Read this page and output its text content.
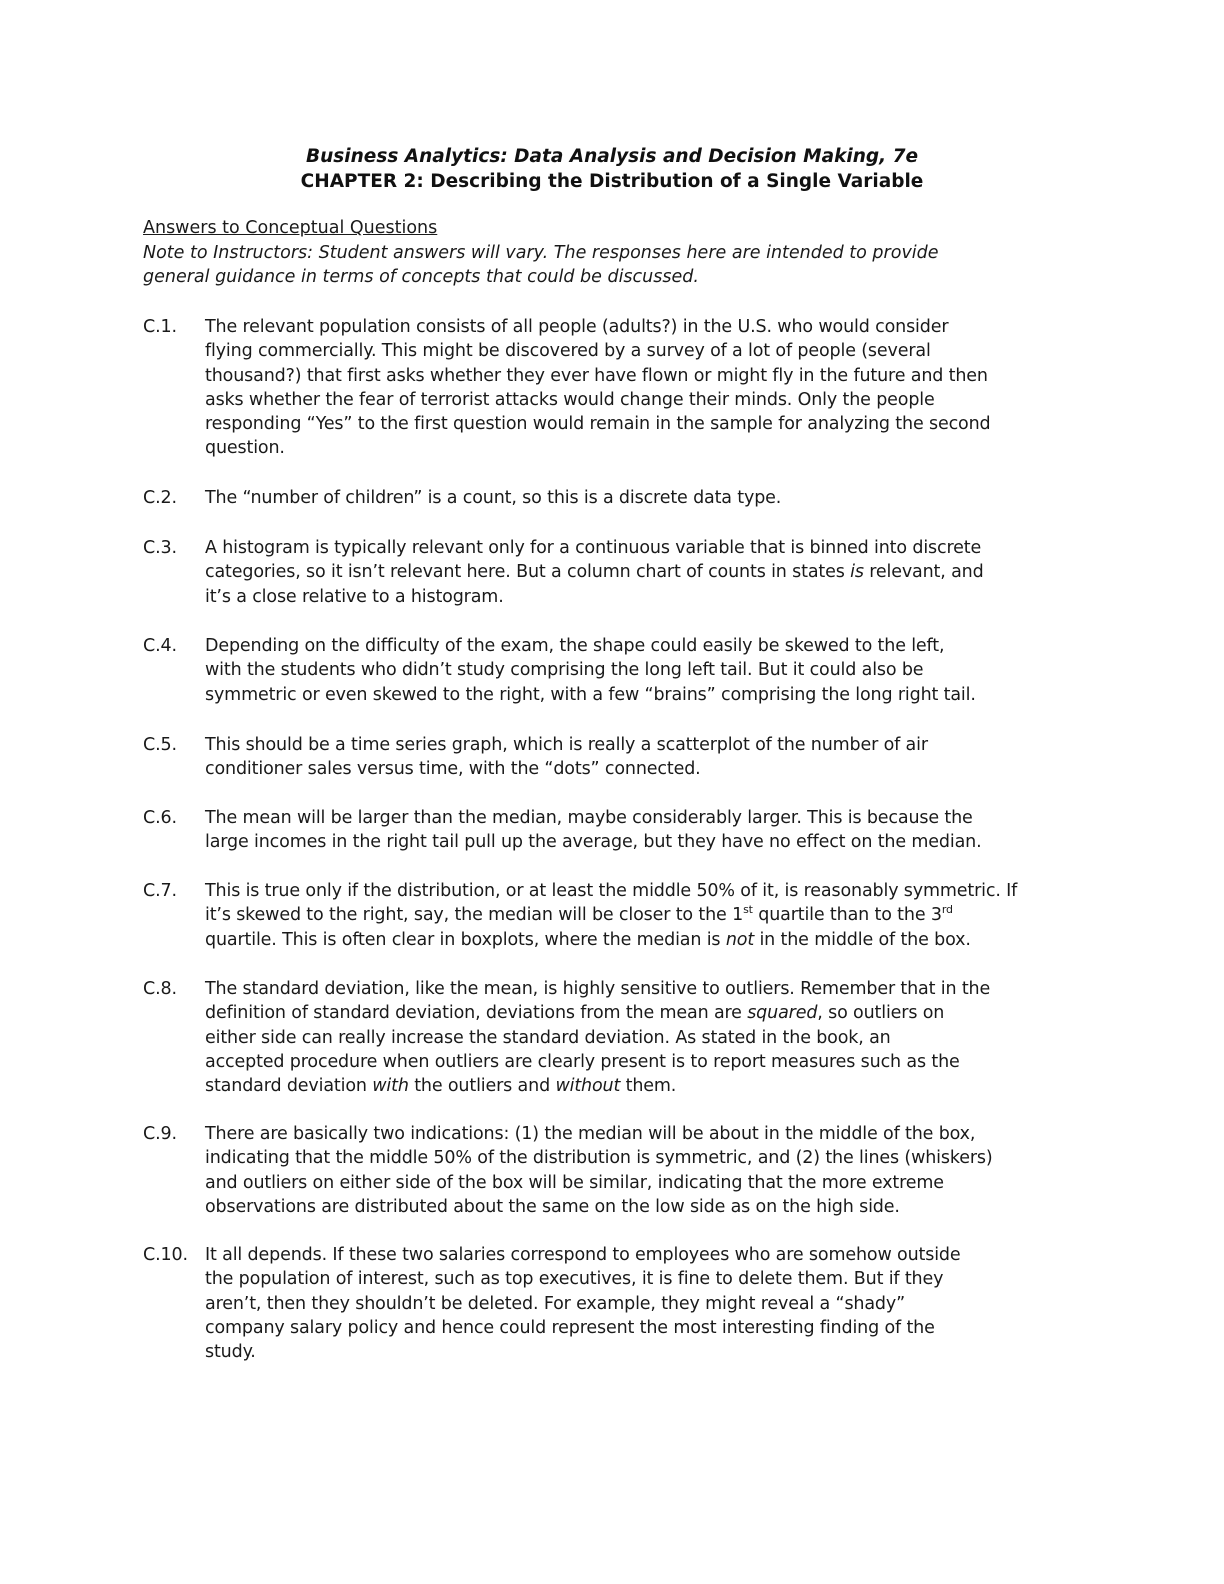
Business Analytics: Data Analysis and Decision Making, 7e
CHAPTER 2: Describing the Distribution of a Single Variable
Answers to Conceptual Questions
Note to Instructors: Student answers will vary. The responses here are intended to provide
general guidance in terms of concepts that could be discussed.
C.1. The relevant population consists of all people (adults?) in the U.S. who would consider
flying commercially. This might be discovered by a survey of a lot of people (several
thousand?) that first asks whether they ever have flown or might fly in the future and then
asks whether the fear of terrorist attacks would change their minds. Only the people
responding “Yes” to the first question would remain in the sample for analyzing the second
question.
C.2. The “number of children” is a count, so this is a discrete data type.
C.3. A histogram is typically relevant only for a continuous variable that is binned into discrete
categories, so it isn’t relevant here. But a column chart of counts in states is relevant, and
it’s a close relative to a histogram.
C.4. Depending on the difficulty of the exam, the shape could easily be skewed to the left,
with the students who didn’t study comprising the long left tail. But it could also be
symmetric or even skewed to the right, with a few “brains” comprising the long right tail.
C.5. This should be a time series graph, which is really a scatterplot of the number of air
conditioner sales versus time, with the “dots” connected.
C.6. The mean will be larger than the median, maybe considerably larger. This is because the
large incomes in the right tail pull up the average, but they have no effect on the median.
C.7. This is true only if the distribution, or at least the middle 50% of it, is reasonably symmetric. If
it’s skewed to the right, say, the median will be closer to the 1st quartile than to the 3rd
quartile. This is often clear in boxplots, where the median is not in the middle of the box.
C.8. The standard deviation, like the mean, is highly sensitive to outliers. Remember that in the
definition of standard deviation, deviations from the mean are squared, so outliers on
either side can really increase the standard deviation. As stated in the book, an
accepted procedure when outliers are clearly present is to report measures such as the
standard deviation with the outliers and without them.
C.9. There are basically two indications: (1) the median will be about in the middle of the box,
indicating that the middle 50% of the distribution is symmetric, and (2) the lines (whiskers)
and outliers on either side of the box will be similar, indicating that the more extreme
observations are distributed about the same on the low side as on the high side.
C.10. It all depends. If these two salaries correspond to employees who are somehow outside
the population of interest, such as top executives, it is fine to delete them. But if they
aren’t, then they shouldn’t be deleted. For example, they might reveal a “shady”
company salary policy and hence could represent the most interesting finding of the
study.
